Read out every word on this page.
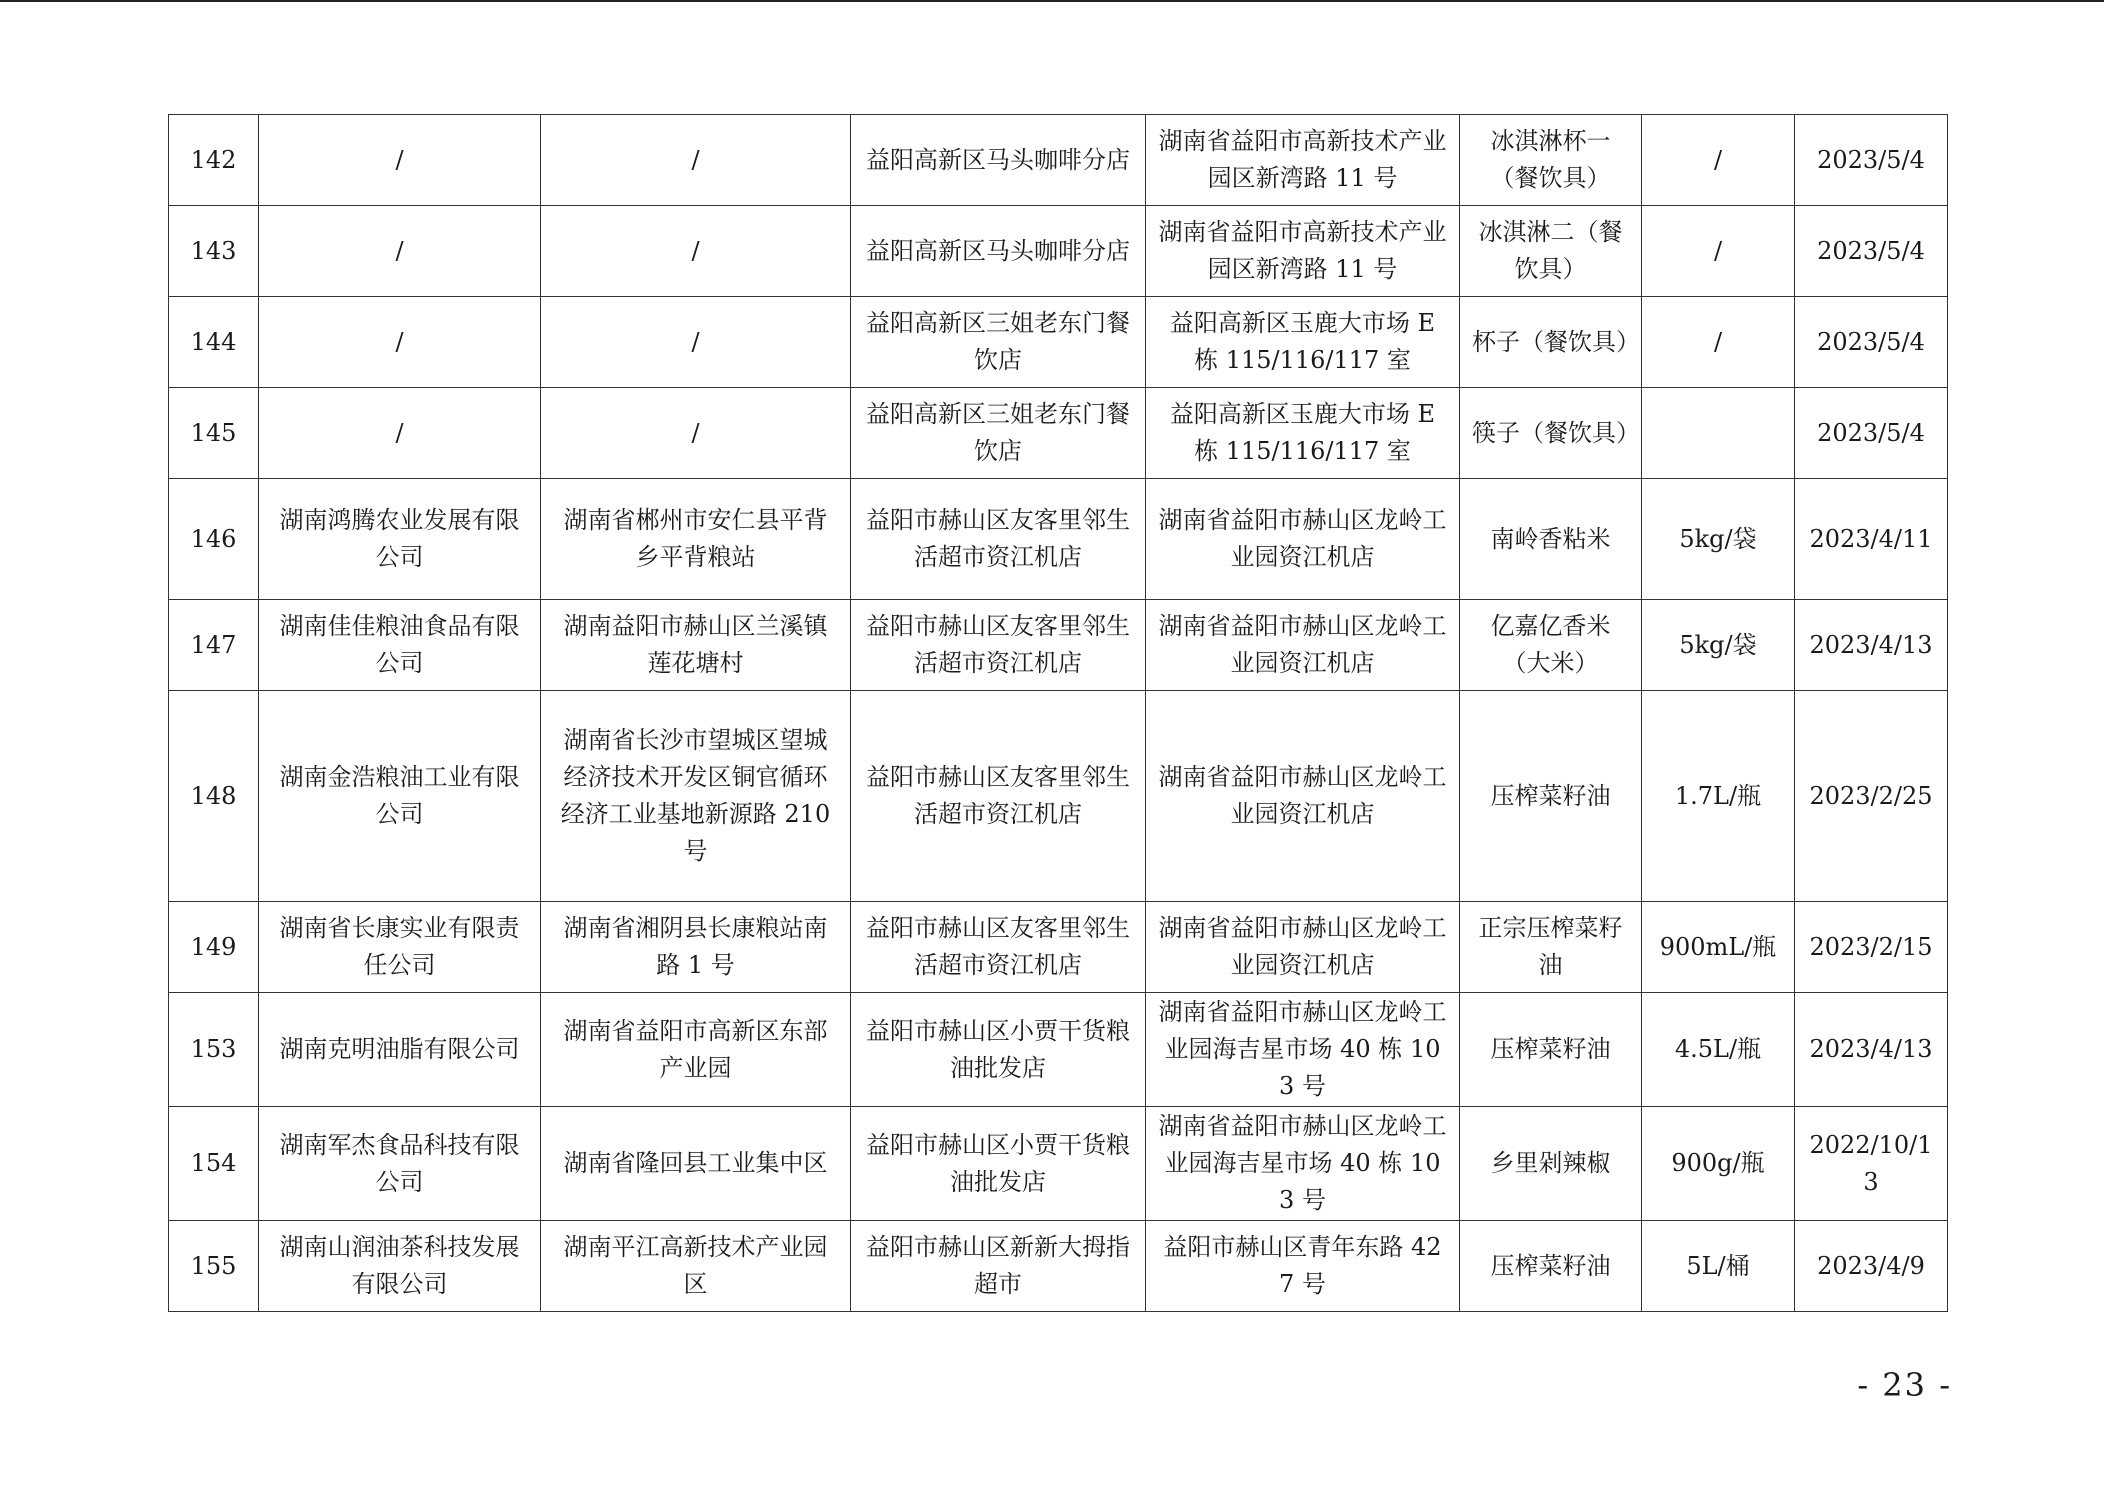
142	/	/	益阳高新区马头咖啡分店	湖南省益阳市高新技术产业园区新湾路 11 号	冰淇淋杯一（餐饮具）	/	2023/5/4
143	/	/	益阳高新区马头咖啡分店	湖南省益阳市高新技术产业园区新湾路 11 号	冰淇淋二（餐饮具）	/	2023/5/4
144	/	/	益阳高新区三姐老东门餐饮店	益阳高新区玉鹿大市场 E 栋 115/116/117 室	杯子（餐饮具）	/	2023/5/4
145	/	/	益阳高新区三姐老东门餐饮店	益阳高新区玉鹿大市场 E 栋 115/116/117 室	筷子（餐饮具）		2023/5/4
146	湖南鸿腾农业发展有限公司	湖南省郴州市安仁县平背乡平背粮站	益阳市赫山区友客里邻生活超市资江机店	湖南省益阳市赫山区龙岭工业园资江机店	南岭香粘米	5kg/袋	2023/4/11
147	湖南佳佳粮油食品有限公司	湖南益阳市赫山区兰溪镇莲花塘村	益阳市赫山区友客里邻生活超市资江机店	湖南省益阳市赫山区龙岭工业园资江机店	亿嘉亿香米（大米）	5kg/袋	2023/4/13
148	湖南金浩粮油工业有限公司	湖南省长沙市望城区望城经济技术开发区铜官循环经济工业基地新源路 210 号	益阳市赫山区友客里邻生活超市资江机店	湖南省益阳市赫山区龙岭工业园资江机店	压榨菜籽油	1.7L/瓶	2023/2/25
149	湖南省长康实业有限责任公司	湖南省湘阴县长康粮站南路 1 号	益阳市赫山区友客里邻生活超市资江机店	湖南省益阳市赫山区龙岭工业园资江机店	正宗压榨菜籽油	900mL/瓶	2023/2/15
153	湖南克明油脂有限公司	湖南省益阳市高新区东部产业园	益阳市赫山区小贾干货粮油批发店	湖南省益阳市赫山区龙岭工业园海吉星市场 40 栋 103 号	压榨菜籽油	4.5L/瓶	2023/4/13
154	湖南军杰食品科技有限公司	湖南省隆回县工业集中区	益阳市赫山区小贾干货粮油批发店	湖南省益阳市赫山区龙岭工业园海吉星市场 40 栋 103 号	乡里剁辣椒	900g/瓶	2022/10/13
155	湖南山润油茶科技发展有限公司	湖南平江高新技术产业园区	益阳市赫山区新新大拇指超市	益阳市赫山区青年东路 427 号	压榨菜籽油	5L/桶	2023/4/9
- 23 -
